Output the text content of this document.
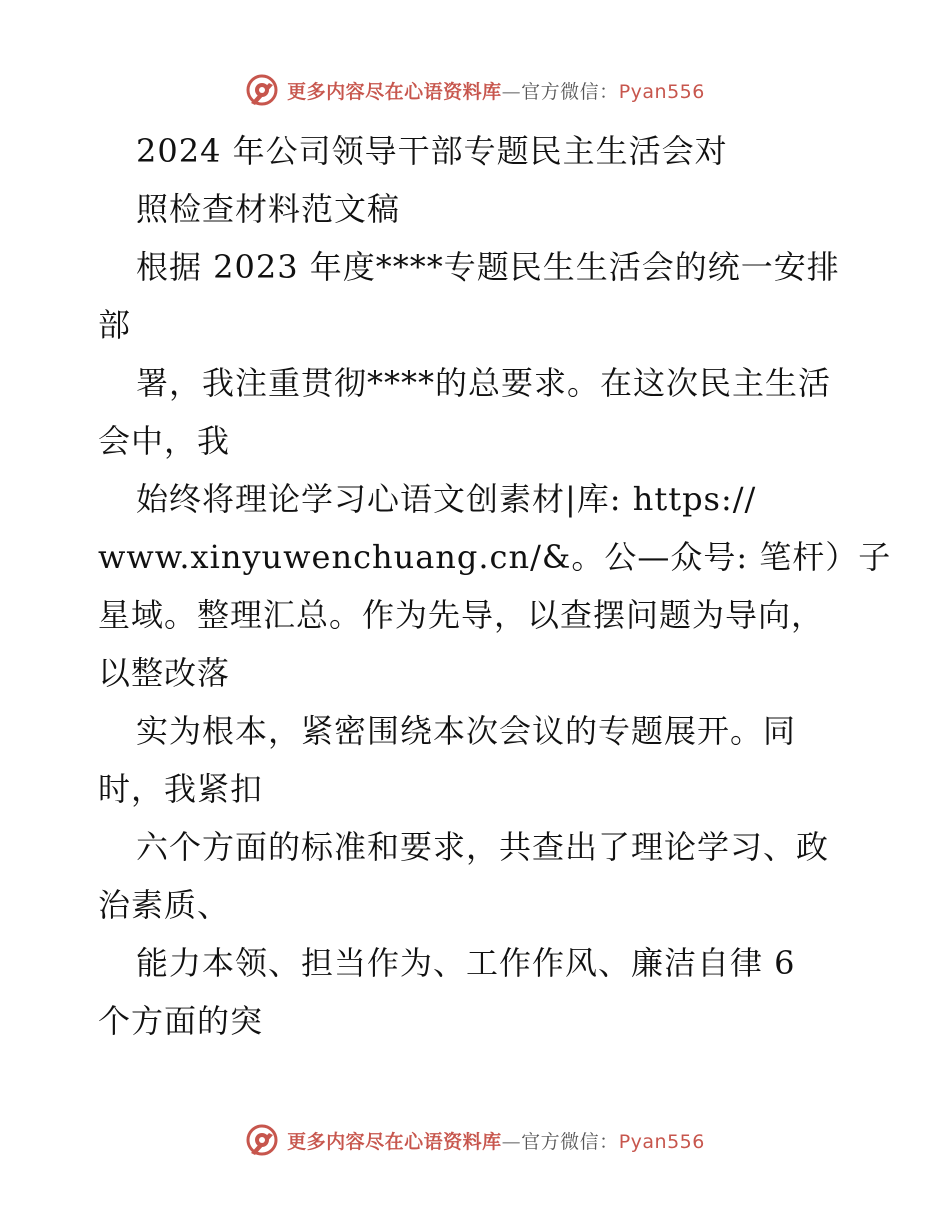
更多内容尽在心语资料库—官方微信：Pyan556
2024 年公司领导干部专题民主生活会对
照检查材料范文稿
根据 2023 年度****专题民生生活会的统一安排
部
署，我注重贯彻****的总要求。在这次民主生活
会中，我
始终将理论学习心语文创素材|库: https://
www.xinyuwenchuang.cn/&。公—众号: 笔杆）子
星域。整理汇总。作为先导，以查摆问题为导向，
以整改落
实为根本，紧密围绕本次会议的专题展开。同
时，我紧扣
六个方面的标准和要求，共查出了理论学习、政
治素质、
能力本领、担当作为、工作作风、廉洁自律 6
个方面的突
更多内容尽在心语资料库—官方微信：Pyan556
